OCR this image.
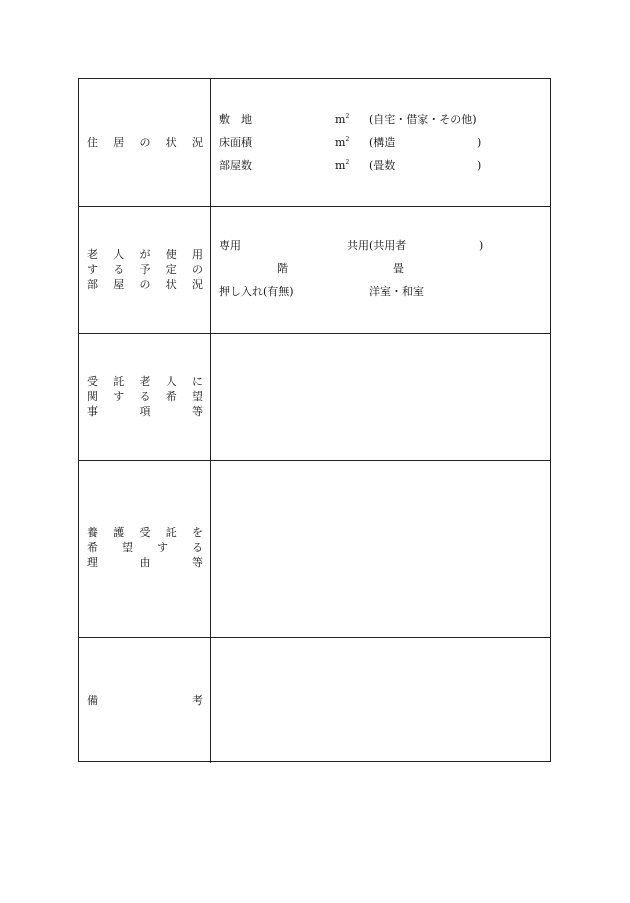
住 居 の 状 況
敷　地	$m^2$ (自宅・借家・その他)
床面積	$m^2$ (構造	)
部屋数	$m^2$ (畳数	)
老 人 が 使 用
す る 予 定 の
部 屋 の 状 況
専用	共用(共用者	)
階	畳
押し入れ(有無)	洋室・和室
受 託 老 人 に
関 す る 希 望
事	項	等
養 護 受 託 を
希 望 す る
理	由	等
備	考
